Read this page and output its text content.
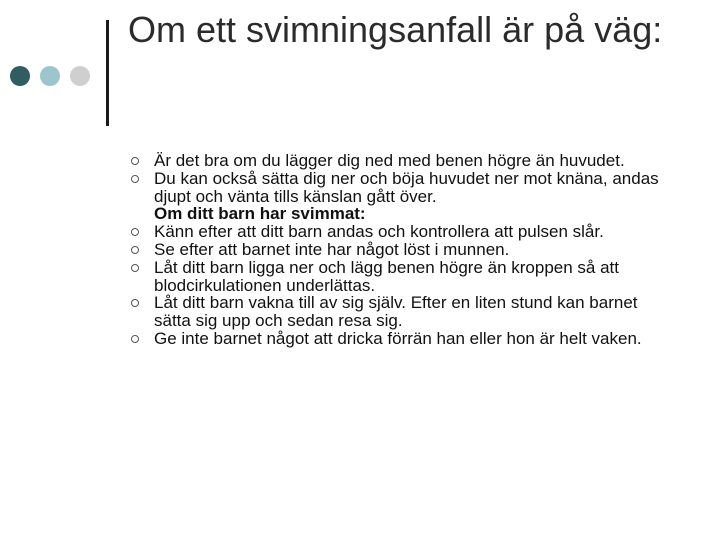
Om ett svimningsanfall är på väg:
Är det bra om du lägger dig ned med benen högre än huvudet.
Du kan också sätta dig ner och böja huvudet ner mot knäna, andas djupt och vänta tills känslan gått över.
Om ditt barn har svimmat:
Känn efter att ditt barn andas och kontrollera att pulsen slår.
Se efter att barnet inte har något löst i munnen.
Låt ditt barn ligga ner och lägg benen högre än kroppen så att blodcirkulationen underlättas.
Låt ditt barn vakna till av sig själv. Efter en liten stund kan barnet sätta sig upp och sedan resa sig.
Ge inte barnet något att dricka förrän han eller hon är helt vaken.
